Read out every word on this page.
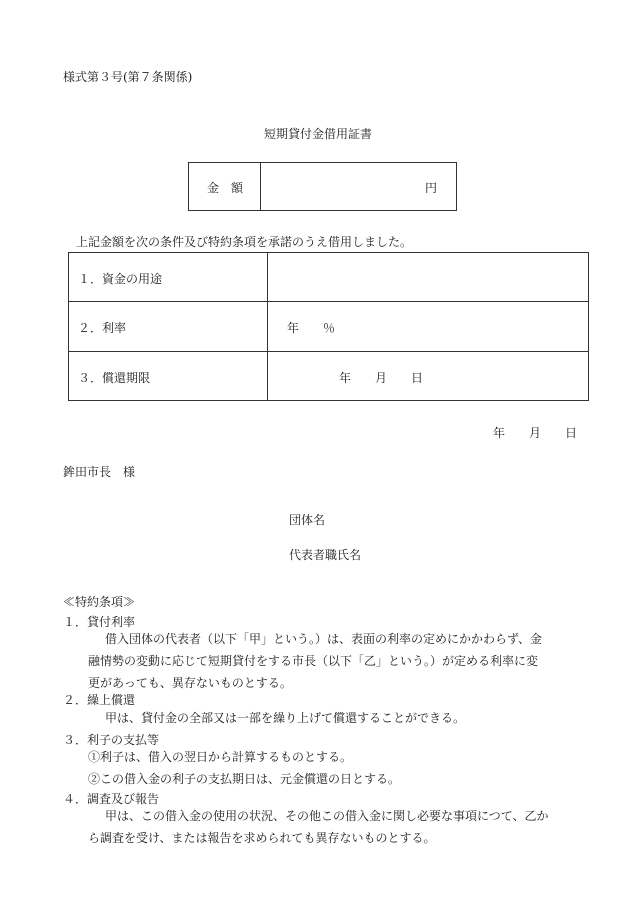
様式第３号(第７条関係)
短期貸付金借用証書
金　額	円
上記金額を次の条件及び特約条項を承諾のうえ借用しました。
１．資金の用途
２．利率	年　　％
３．償還期限	年　　月　　日
年　　月　　日
鉾田市長　様
団体名
代表者職氏名
≪特約条項≫
１．貸付利率
借入団体の代表者（以下「甲」という。）は、表面の利率の定めにかかわらず、金
融情勢の変動に応じて短期貸付をする市長（以下「乙」という。）が定める利率に変
更があっても、異存ないものとする。
２．繰上償還
甲は、貸付金の全部又は一部を繰り上げて償還することができる。
３．利子の支払等
①利子は、借入の翌日から計算するものとする。
②この借入金の利子の支払期日は、元金償還の日とする。
４．調査及び報告
甲は、この借入金の使用の状況、その他この借入金に関し必要な事項につて、乙か
ら調査を受け、または報告を求められても異存ないものとする。
